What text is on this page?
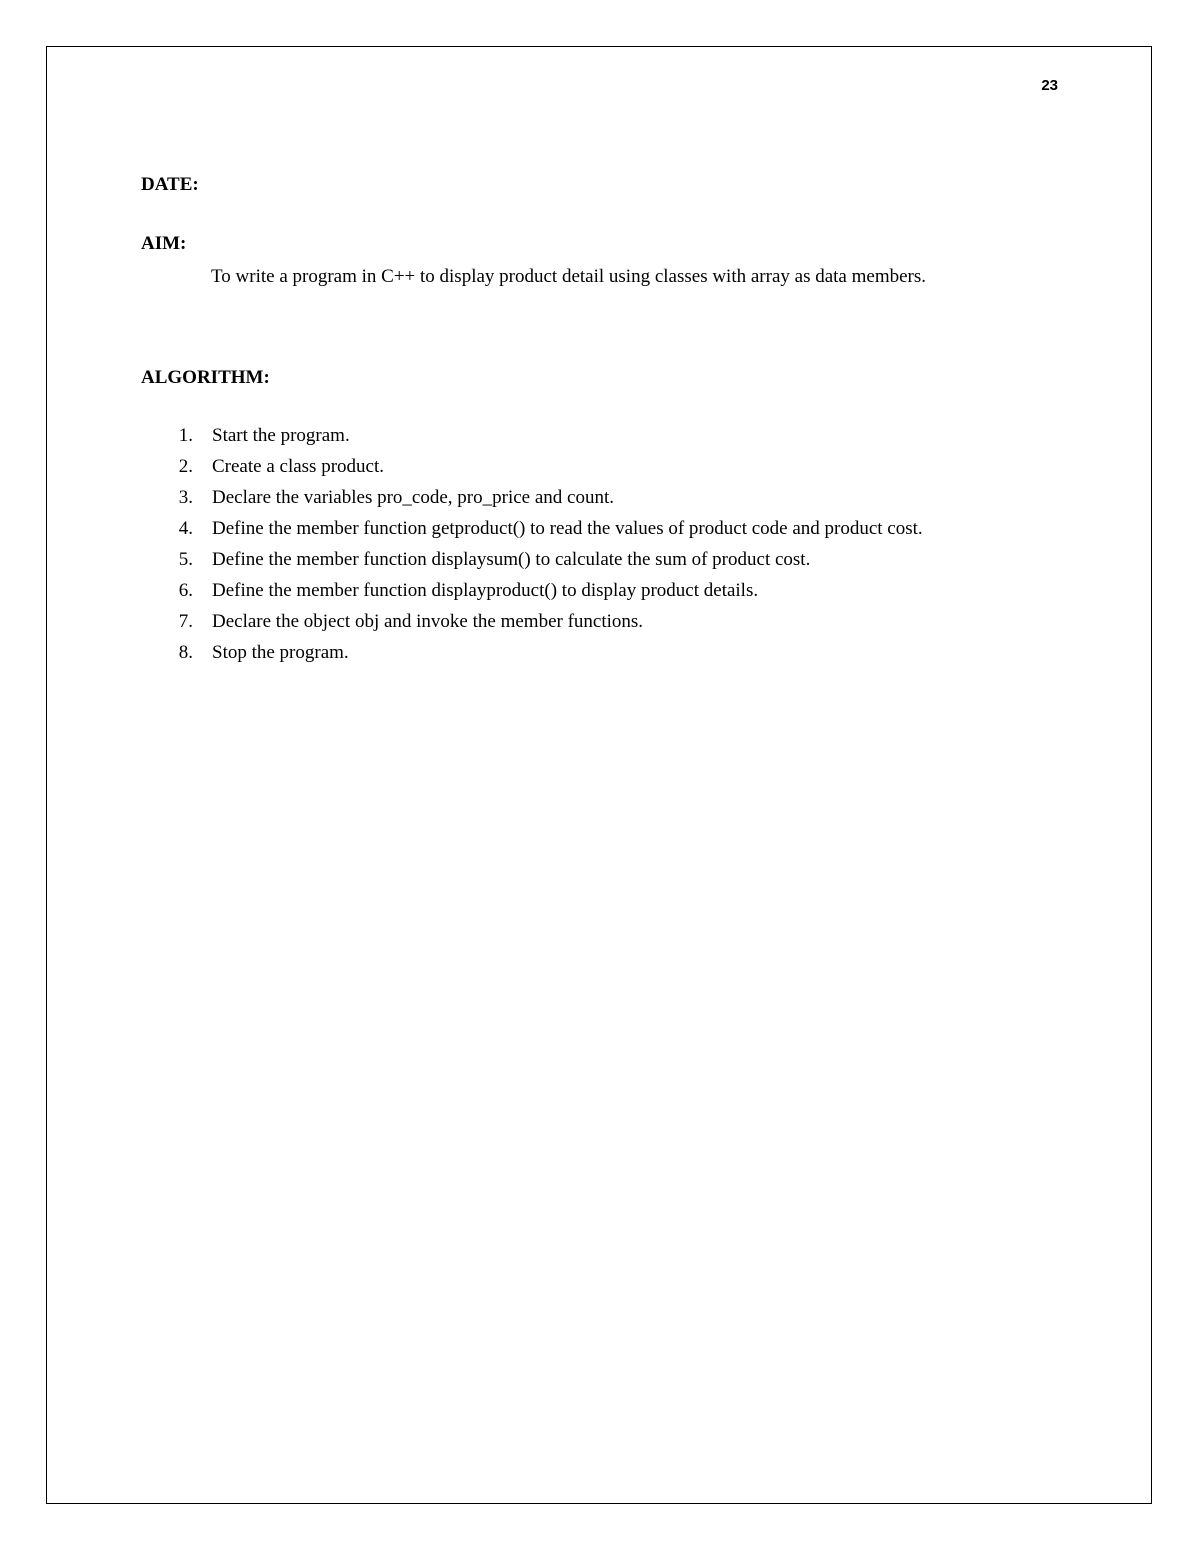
23
DATE:
AIM:

To write a program in C++ to display product detail using classes with array as data members.

ALGORITHM:
1. Start the program.
2. Create a class product.
3. Declare the variables pro_code, pro_price and count.
4. Define the member function getproduct() to read the values of product code and product cost.
5. Define the member function displaysum() to calculate the sum of product cost.
6. Define the member function displayproduct() to display product details.
7. Declare the object obj and invoke the member functions.
8. Stop the program.
